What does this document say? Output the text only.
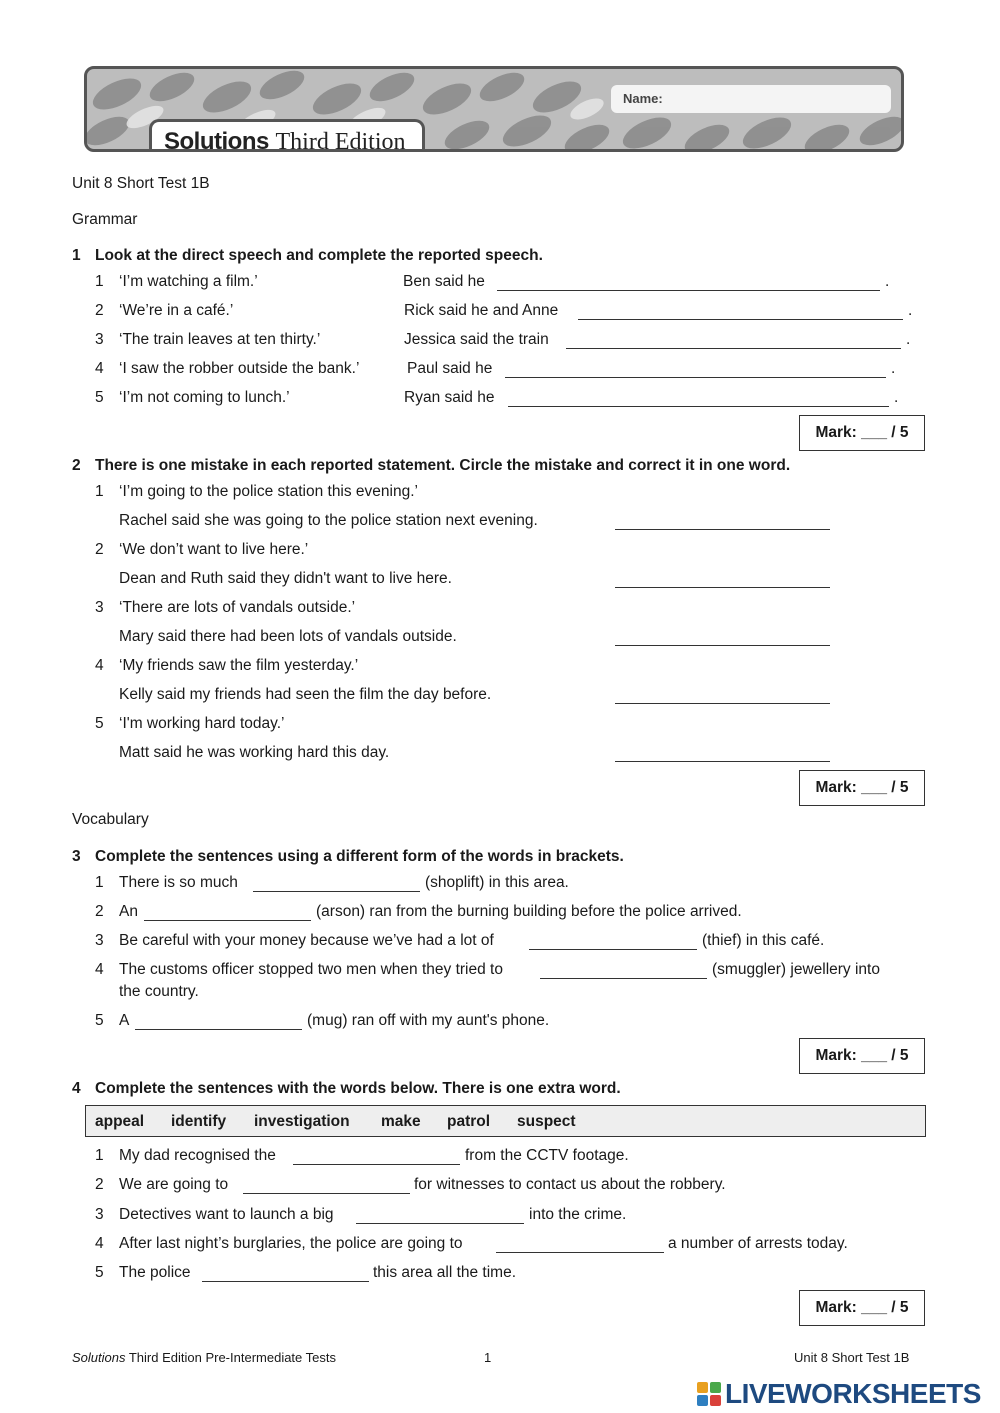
Name:
Solutions Third Edition
Unit 8 Short Test 1B
Grammar
1 Look at the direct speech and complete the reported speech.
1 ‘I’m watching a film.’	Ben said he	.
2 ‘We’re in a café.’	Rick said he and Anne	.
3 ‘The train leaves at ten thirty.’	Jessica said the train	.
4 ‘I saw the robber outside the bank.’	Paul said he	.
5 ‘I’m not coming to lunch.’	Ryan said he	.
Mark: ___ / 5
2 There is one mistake in each reported statement. Circle the mistake and correct it in one word.
1 ‘I’m going to the police station this evening.’
Rachel said she was going to the police station next evening.
2 ‘We don’t want to live here.’
Dean and Ruth said they didn't want to live here.
3 ‘There are lots of vandals outside.’
Mary said there had been lots of vandals outside.
4 ‘My friends saw the film yesterday.’
Kelly said my friends had seen the film the day before.
5 ‘I'm working hard today.’
Matt said he was working hard this day.
Mark: ___ / 5
Vocabulary
3 Complete the sentences using a different form of the words in brackets.
1 There is so much	(shoplift) in this area.
2 An	(arson) ran from the burning building before the police arrived.
3 Be careful with your money because we’ve had a lot of	(thief) in this café.
4 The customs officer stopped two men when they tried to	(smuggler) jewellery into
the country.
5 A	(mug) ran off with my aunt's phone.
Mark: ___ / 5
4 Complete the sentences with the words below. There is one extra word.
appeal identify investigation make patrol suspect
1 My dad recognised the	from the CCTV footage.
2 We are going to	for witnesses to contact us about the robbery.
3 Detectives want to launch a big	into the crime.
4 After last night’s burglaries, the police are going to	a number of arrests today.
5 The police	this area all the time.
Mark: ___ / 5
Solutions Third Edition Pre-Intermediate Tests	1	Unit 8 Short Test 1B
LIVEWORKSHEETS
